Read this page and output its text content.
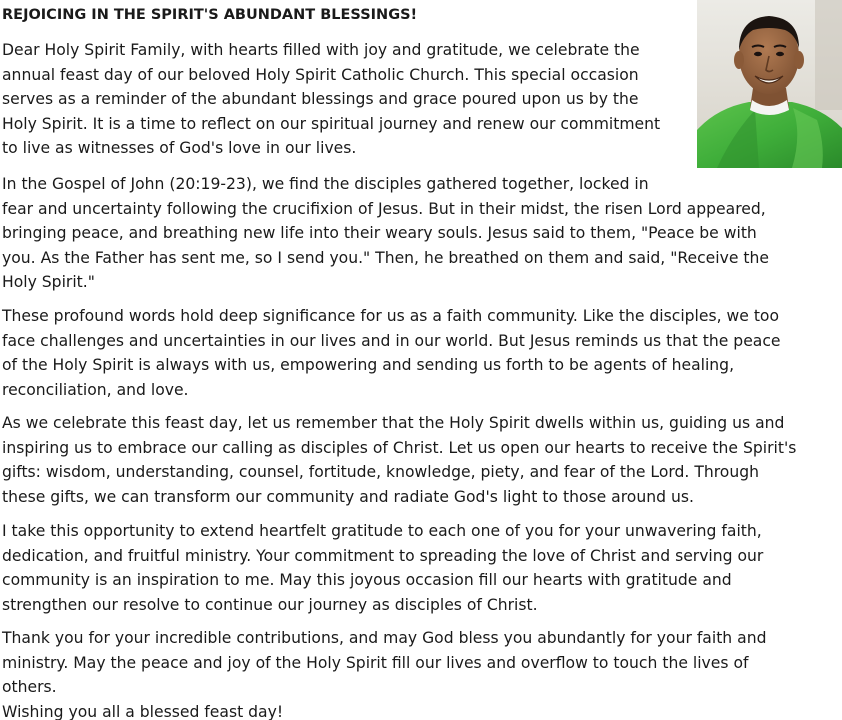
REJOICING IN THE SPIRIT'S ABUNDANT BLESSINGS!

Dear Holy Spirit Family, with hearts filled with joy and gratitude, we celebrate the
annual feast day of our beloved Holy Spirit Catholic Church. This special occasion
serves as a reminder of the abundant blessings and grace poured upon us by the
Holy Spirit. It is a time to reflect on our spiritual journey and renew our commitment
to live as witnesses of God's love in our lives.

In the Gospel of John (20:19-23), we find the disciples gathered together, locked in
fear and uncertainty following the crucifixion of Jesus. But in their midst, the risen Lord appeared,
bringing peace, and breathing new life into their weary souls. Jesus said to them, "Peace be with
you. As the Father has sent me, so I send you." Then, he breathed on them and said, "Receive the
Holy Spirit."

These profound words hold deep significance for us as a faith community. Like the disciples, we too
face challenges and uncertainties in our lives and in our world. But Jesus reminds us that the peace
of the Holy Spirit is always with us, empowering and sending us forth to be agents of healing,
reconciliation, and love.

As we celebrate this feast day, let us remember that the Holy Spirit dwells within us, guiding us and
inspiring us to embrace our calling as disciples of Christ. Let us open our hearts to receive the Spirit's
gifts: wisdom, understanding, counsel, fortitude, knowledge, piety, and fear of the Lord. Through
these gifts, we can transform our community and radiate God's light to those around us.

I take this opportunity to extend heartfelt gratitude to each one of you for your unwavering faith,
dedication, and fruitful ministry. Your commitment to spreading the love of Christ and serving our
community is an inspiration to me. May this joyous occasion fill our hearts with gratitude and
strengthen our resolve to continue our journey as disciples of Christ.

Thank you for your incredible contributions, and may God bless you abundantly for your faith and
ministry. May the peace and joy of the Holy Spirit fill our lives and overflow to touch the lives of
others.

Wishing you all a blessed feast day!
